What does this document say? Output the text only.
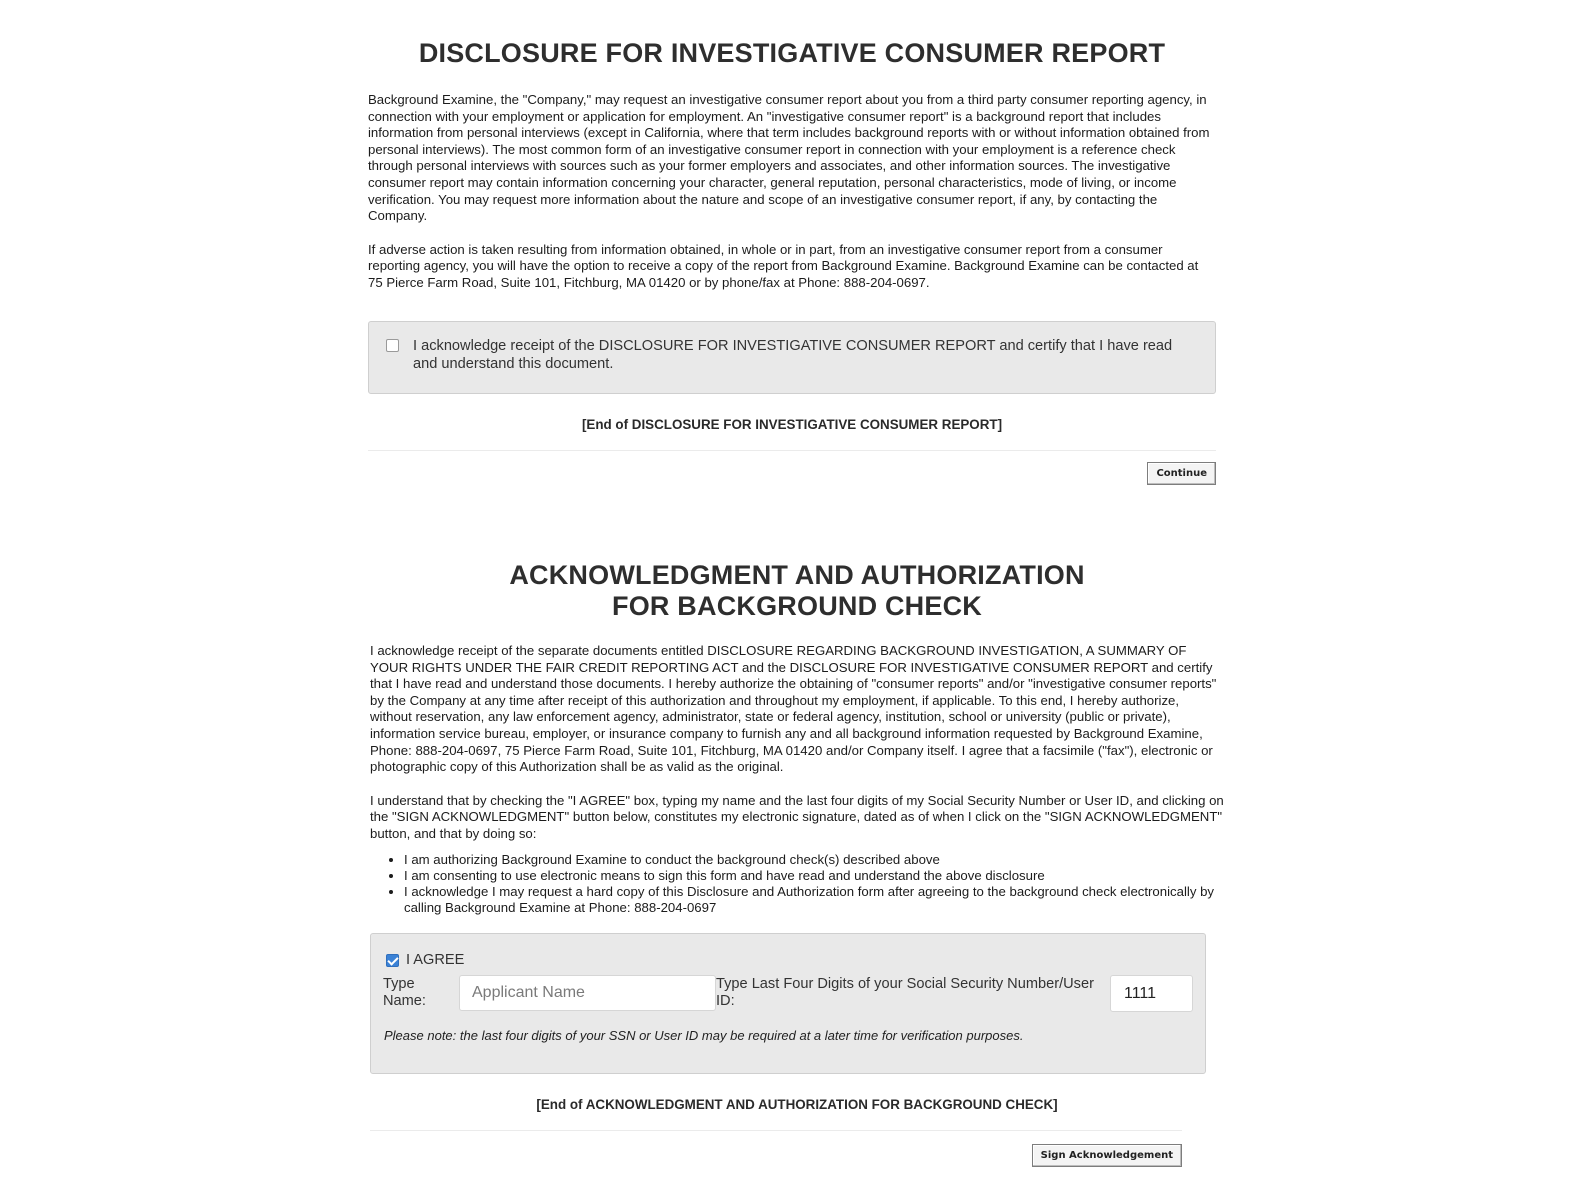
DISCLOSURE FOR INVESTIGATIVE CONSUMER REPORT

Background Examine, the "Company," may request an investigative consumer report about you from a third party consumer reporting agency, in connection with your employment or application for employment. An "investigative consumer report" is a background report that includes information from personal interviews (except in California, where that term includes background reports with or without information obtained from personal interviews). The most common form of an investigative consumer report in connection with your employment is a reference check through personal interviews with sources such as your former employers and associates, and other information sources. The investigative consumer report may contain information concerning your character, general reputation, personal characteristics, mode of living, or income verification. You may request more information about the nature and scope of an investigative consumer report, if any, by contacting the Company.

If adverse action is taken resulting from information obtained, in whole or in part, from an investigative consumer report from a consumer reporting agency, you will have the option to receive a copy of the report from Background Examine. Background Examine can be contacted at 75 Pierce Farm Road, Suite 101, Fitchburg, MA 01420 or by phone/fax at Phone: 888-204-0697.

I acknowledge receipt of the DISCLOSURE FOR INVESTIGATIVE CONSUMER REPORT and certify that I have read and understand this document.
[End of DISCLOSURE FOR INVESTIGATIVE CONSUMER REPORT]
Continue
ACKNOWLEDGMENT AND AUTHORIZATION
FOR BACKGROUND CHECK

I acknowledge receipt of the separate documents entitled DISCLOSURE REGARDING BACKGROUND INVESTIGATION, A SUMMARY OF YOUR RIGHTS UNDER THE FAIR CREDIT REPORTING ACT and the DISCLOSURE FOR INVESTIGATIVE CONSUMER REPORT and certify that I have read and understand those documents. I hereby authorize the obtaining of "consumer reports" and/or "investigative consumer reports" by the Company at any time after receipt of this authorization and throughout my employment, if applicable. To this end, I hereby authorize, without reservation, any law enforcement agency, administrator, state or federal agency, institution, school or university (public or private), information service bureau, employer, or insurance company to furnish any and all background information requested by Background Examine, Phone: 888-204-0697, 75 Pierce Farm Road, Suite 101, Fitchburg, MA 01420 and/or Company itself. I agree that a facsimile ("fax"), electronic or photographic copy of this Authorization shall be as valid as the original.

I understand that by checking the "I AGREE" box, typing my name and the last four digits of my Social Security Number or User ID, and clicking on the "SIGN ACKNOWLEDGMENT" button below, constitutes my electronic signature, dated as of when I click on the "SIGN ACKNOWLEDGMENT" button, and that by doing so:

• I am authorizing Background Examine to conduct the background check(s) described above
• I am consenting to use electronic means to sign this form and have read and understand the above disclosure
• I acknowledge I may request a hard copy of this Disclosure and Authorization form after agreeing to the background check electronically by calling Background Examine at Phone: 888-204-0697
I AGREE
Type Name:
Applicant Name
Type Last Four Digits of your Social Security Number/User ID:
1111
Please note: the last four digits of your SSN or User ID may be required at a later time for verification purposes.
[End of ACKNOWLEDGMENT AND AUTHORIZATION FOR BACKGROUND CHECK]
Sign Acknowledgement
